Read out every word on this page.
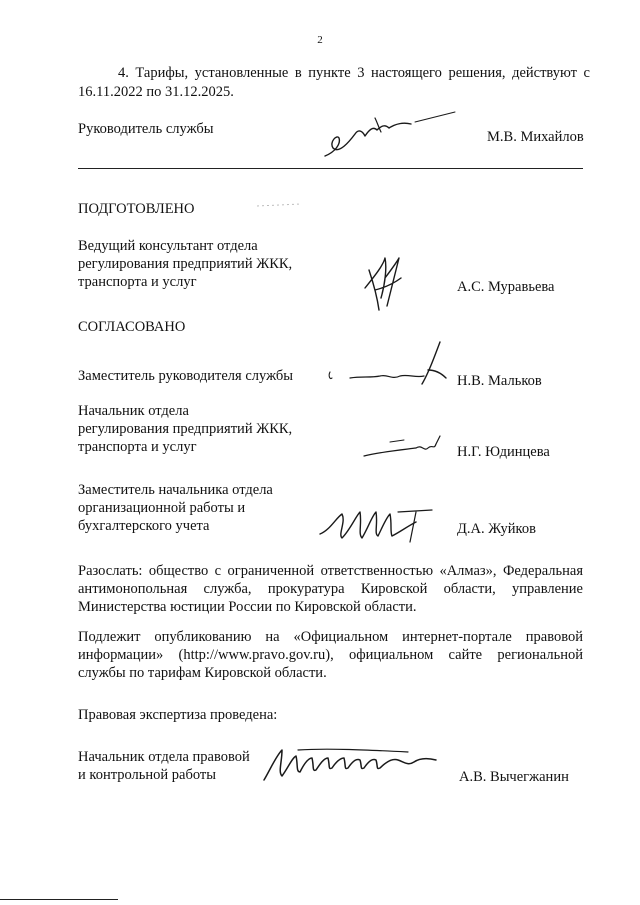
2
4. Тарифы, установленные в пункте 3 настоящего решения, действуют с
16.11.2022 по 31.12.2025.
Руководитель службы	М.В. Михайлов
ПОДГОТОВЛЕНО
Ведущий консультант отдела
регулирования предприятий ЖКК,
транспорта и услуг	А.С. Муравьева
СОГЛАСОВАНО
Заместитель руководителя службы	Н.В. Мальков
Начальник отдела
регулирования предприятий ЖКК,
транспорта и услуг	Н.Г. Юдинцева
Заместитель начальника отдела
организационной работы и
бухгалтерского учета	Д.А. Жуйков
Разослать: общество с ограниченной ответственностью «Алмаз», Федеральная
антимонопольная служба, прокуратура Кировской области, управление
Министерства юстиции России по Кировской области.
Подлежит опубликованию на «Официальном интернет-портале правовой
информации» (http://www.pravo.gov.ru), официальном сайте региональной
службы по тарифам Кировской области.
Правовая экспертиза проведена:
Начальник отдела правовой
и контрольной работы	А.В. Вычегжанин
